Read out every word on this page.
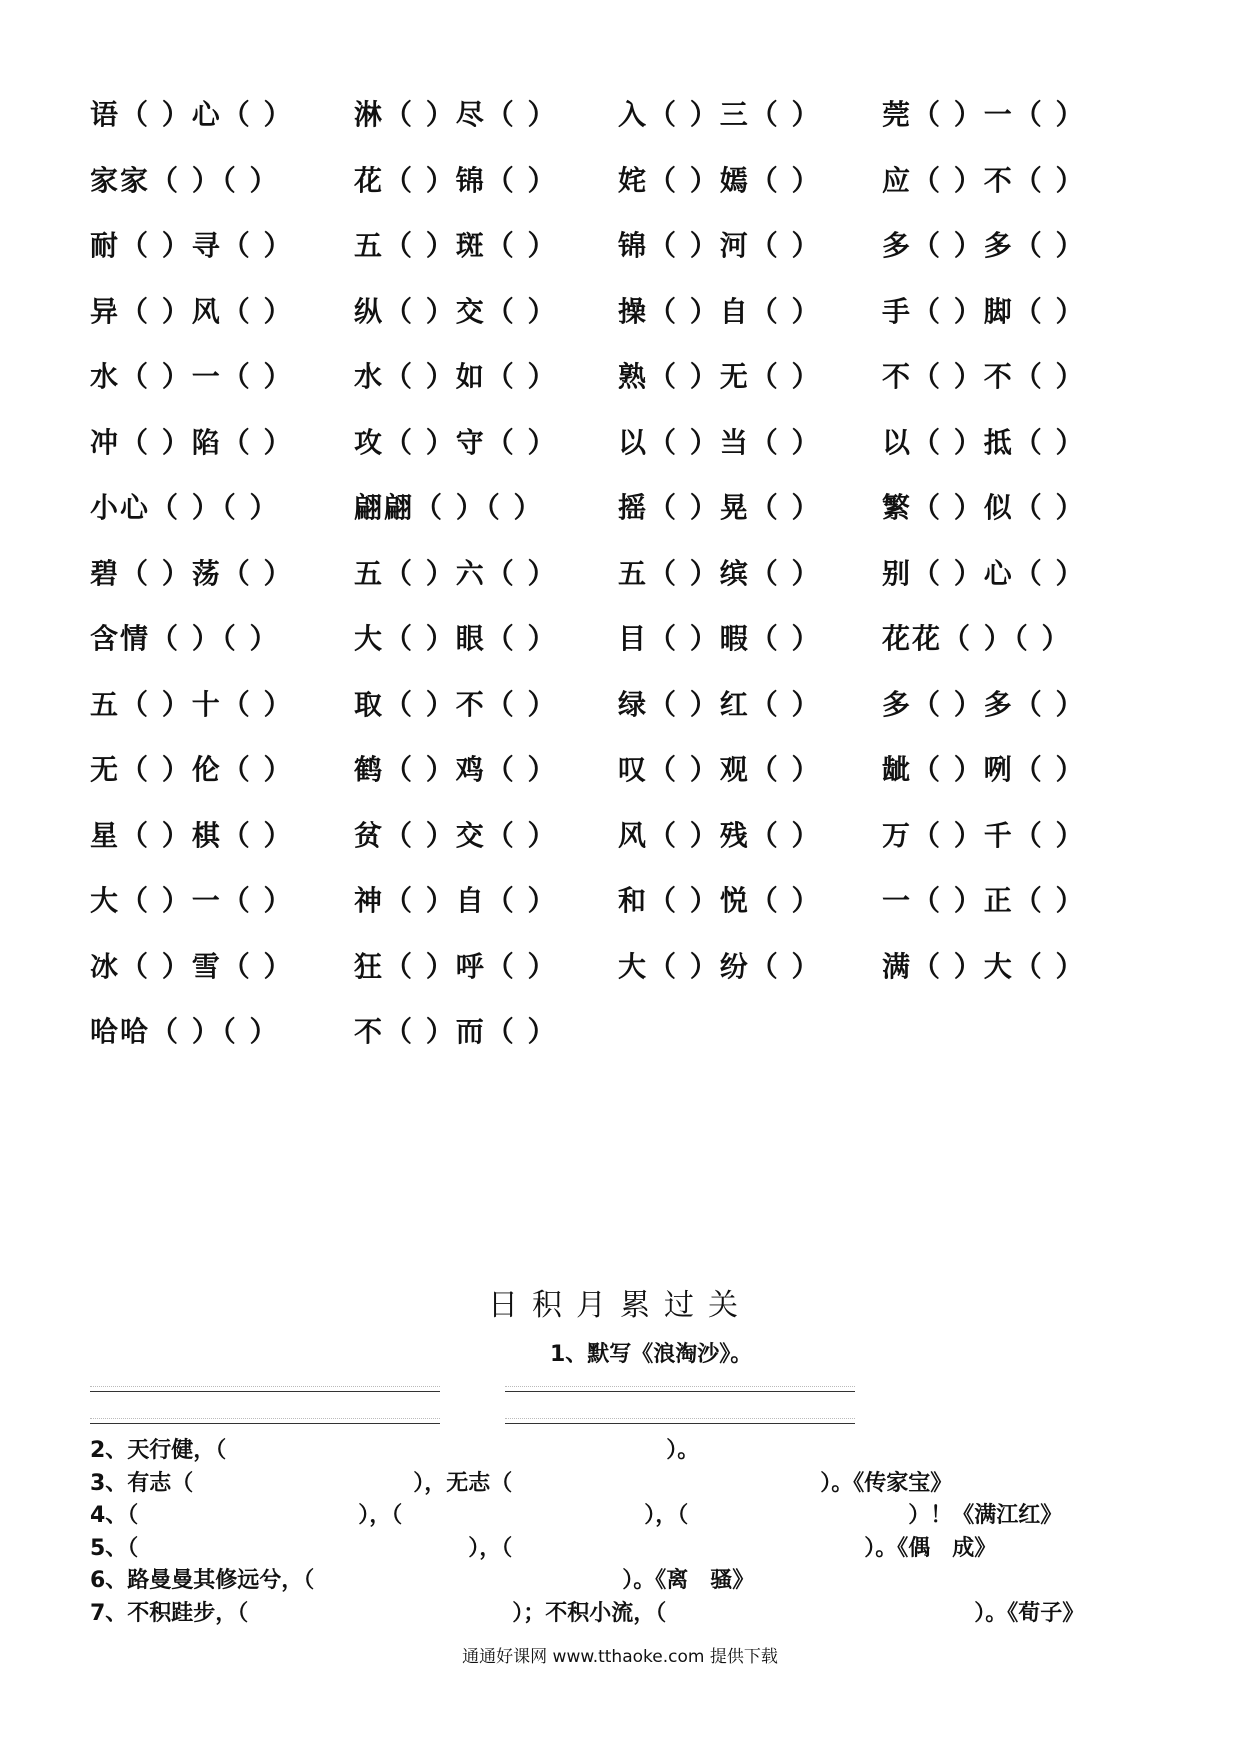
语（ ）心（ ）	淋（ ）尽（ ）	入（ ）三（ ）	莞（ ）一（ ）
家家（ ）（ ）	花（ ）锦（ ）	姹（ ）嫣（ ）	应（ ）不（ ）
耐（ ）寻（ ）	五（ ）斑（ ）	锦（ ）河（ ）	多（ ）多（ ）
异（ ）风（ ）	纵（ ）交（ ）	操（ ）自（ ）	手（ ）脚（ ）
水（ ）一（ ）	水（ ）如（ ）	熟（ ）无（ ）	不（ ）不（ ）
冲（ ）陷（ ）	攻（ ）守（ ）	以（ ）当（ ）	以（ ）抵（ ）
小心（ ）（ ）	翩翩（ ）（ ）	摇（ ）晃（ ）	繁（ ）似（ ）
碧（ ）荡（ ）	五（ ）六（ ）	五（ ）缤（ ）	别（ ）心（ ）
含情（ ）（ ）	大（ ）眼（ ）	目（ ）暇（ ）	花花（ ）（ ）
五（ ）十（ ）	取（ ）不（ ）	绿（ ）红（ ）	多（ ）多（ ）
无（ ）伦（ ）	鹤（ ）鸡（ ）	叹（ ）观（ ）	龇（ ）咧（ ）
星（ ）棋（ ）	贫（ ）交（ ）	风（ ）残（ ）	万（ ）千（ ）
大（ ）一（ ）	神（ ）自（ ）	和（ ）悦（ ）	一（ ）正（ ）
冰（ ）雪（ ）	狂（ ）呼（ ）	大（ ）纷（ ）	满（ ）大（ ）
哈哈（ ）（ ）	不（ ）而（ ）
日积月累过关
1、默写《浪淘沙》。
2、天行健，（　　　　　　　　　　　　　　　　　　　　）。
3、有志（　　　　　　　　　　），无志（　　　　　　　　　　　　　　）。《传家宝》
4、（　　　　　　　　　　），（　　　　　　　　　　　），（　　　　　　　　　　）！《满江红》
5、（　　　　　　　　　　　　　　　），（　　　　　　　　　　　　　　　　）。《偶　成》
6、路曼曼其修远兮，（　　　　　　　　　　　　　　）。《离　骚》
7、不积跬步，（　　　　　　　　　　　　）；不积小流，（　　　　　　　　　　　　　　）。《荀子》
通通好课网 www.tthaoke.com 提供下载
